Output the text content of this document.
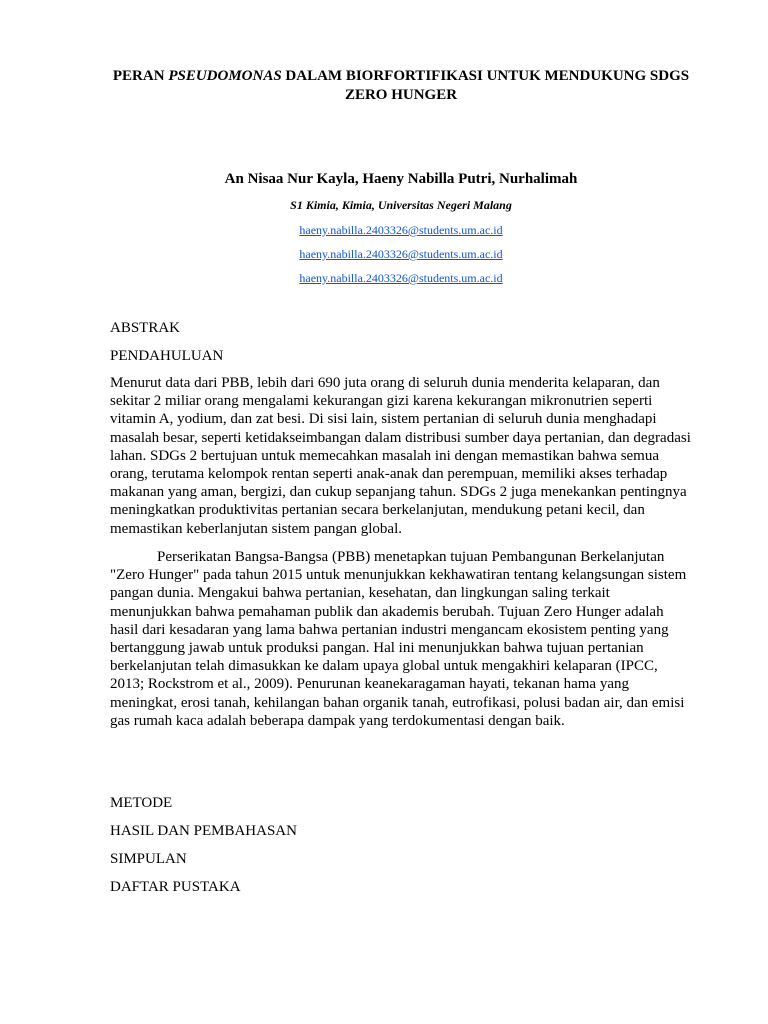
PERAN PSEUDOMONAS DALAM BIORFORTIFIKASI UNTUK MENDUKUNG SDGS ZERO HUNGER
An Nisaa Nur Kayla, Haeny Nabilla Putri, Nurhalimah
S1 Kimia, Kimia, Universitas Negeri Malang
haeny.nabilla.2403326@students.um.ac.id
haeny.nabilla.2403326@students.um.ac.id
haeny.nabilla.2403326@students.um.ac.id
ABSTRAK
PENDAHULUAN

Menurut data dari PBB, lebih dari 690 juta orang di seluruh dunia menderita kelaparan, dan sekitar 2 miliar orang mengalami kekurangan gizi karena kekurangan mikronutrien seperti vitamin A, yodium, dan zat besi. Di sisi lain, sistem pertanian di seluruh dunia menghadapi masalah besar, seperti ketidakseimbangan dalam distribusi sumber daya pertanian, dan degradasi lahan. SDGs 2 bertujuan untuk memecahkan masalah ini dengan memastikan bahwa semua orang, terutama kelompok rentan seperti anak-anak dan perempuan, memiliki akses terhadap makanan yang aman, bergizi, dan cukup sepanjang tahun. SDGs 2 juga menekankan pentingnya meningkatkan produktivitas pertanian secara berkelanjutan, mendukung petani kecil, dan memastikan keberlanjutan sistem pangan global.

Perserikatan Bangsa-Bangsa (PBB) menetapkan tujuan Pembangunan Berkelanjutan "Zero Hunger" pada tahun 2015 untuk menunjukkan kekhawatiran tentang kelangsungan sistem pangan dunia. Mengakui bahwa pertanian, kesehatan, dan lingkungan saling terkait menunjukkan bahwa pemahaman publik dan akademis berubah. Tujuan Zero Hunger adalah hasil dari kesadaran yang lama bahwa pertanian industri mengancam ekosistem penting yang bertanggung jawab untuk produksi pangan. Hal ini menunjukkan bahwa tujuan pertanian berkelanjutan telah dimasukkan ke dalam upaya global untuk mengakhiri kelaparan (IPCC, 2013; Rockstrom et al., 2009). Penurunan keanekaragaman hayati, tekanan hama yang meningkat, erosi tanah, kehilangan bahan organik tanah, eutrofikasi, polusi badan air, dan emisi gas rumah kaca adalah beberapa dampak yang terdokumentasi dengan baik.

METODE
HASIL DAN PEMBAHASAN
SIMPULAN
DAFTAR PUSTAKA
